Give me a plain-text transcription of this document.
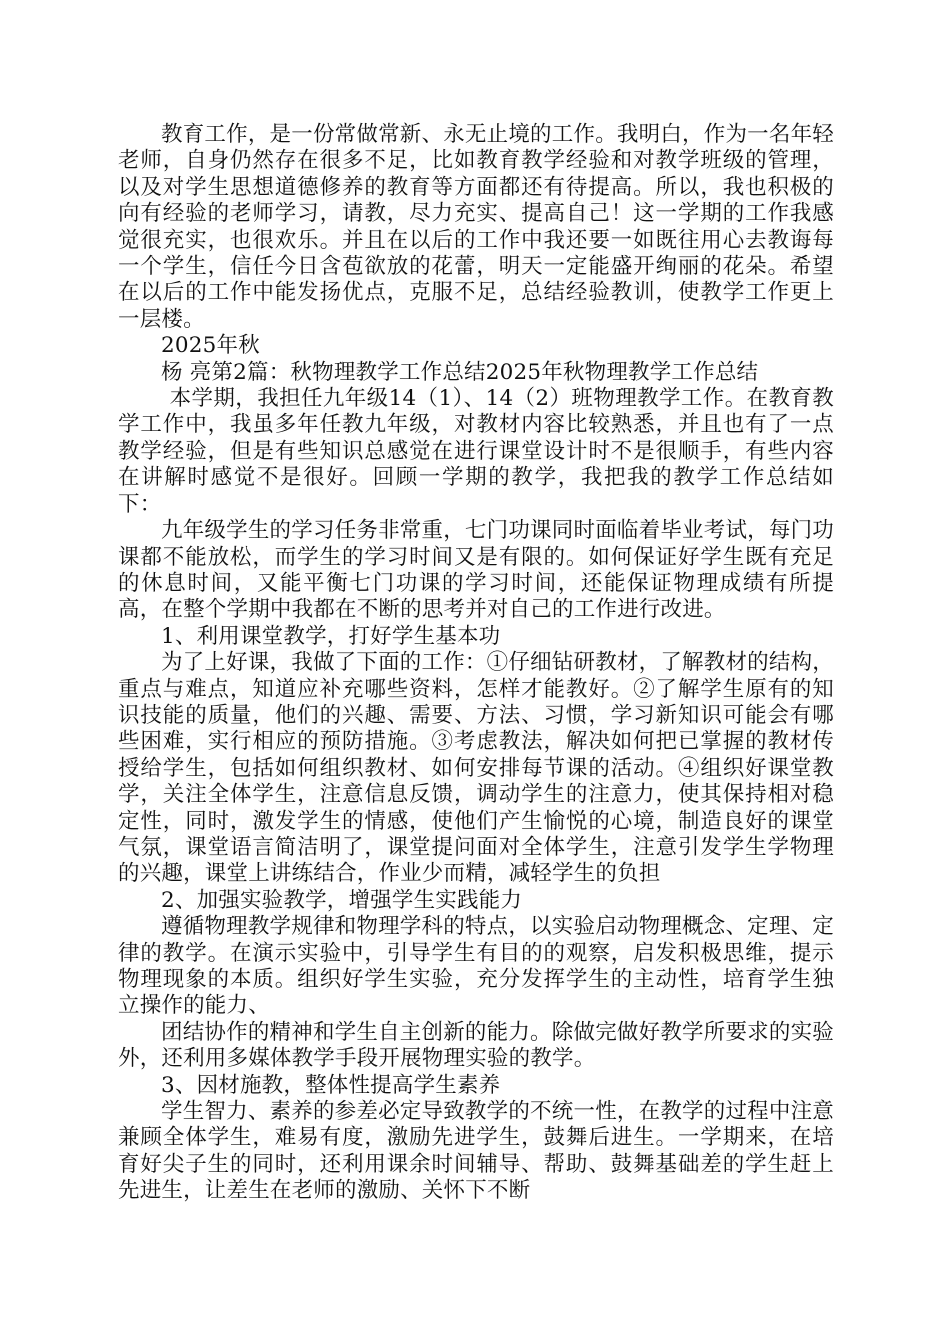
教育工作，是一份常做常新、永无止境的工作。我明白，作为一名年轻老师，自身仍然存在很多不足，比如教育教学经验和对教学班级的管理，以及对学生思想道德修养的教育等方面都还有待提高。所以，我也积极的向有经验的老师学习，请教，尽力充实、提高自己！这一学期的工作我感觉很充实，也很欢乐。并且在以后的工作中我还要一如既往用心去教诲每一个学生，信任今日含苞欲放的花蕾，明天一定能盛开绚丽的花朵。希望在以后的工作中能发扬优点，克服不足，总结经验教训，使教学工作更上一层楼。

2025年秋

杨 亮第2篇：秋物理教学工作总结2025年秋物理教学工作总结

本学期，我担任九年级14（1）、14（2）班物理教学工作。在教育教学工作中，我虽多年任教九年级，对教材内容比较熟悉，并且也有了一点教学经验，但是有些知识总感觉在进行课堂设计时不是很顺手，有些内容在讲解时感觉不是很好。回顾一学期的教学，我把我的教学工作总结如下：

九年级学生的学习任务非常重，七门功课同时面临着毕业考试，每门功课都不能放松，而学生的学习时间又是有限的。如何保证好学生既有充足的休息时间，又能平衡七门功课的学习时间，还能保证物理成绩有所提高，在整个学期中我都在不断的思考并对自己的工作进行改进。

1、利用课堂教学，打好学生基本功

为了上好课，我做了下面的工作：①仔细钻研教材，了解教材的结构，重点与难点，知道应补充哪些资料，怎样才能教好。②了解学生原有的知识技能的质量，他们的兴趣、需要、方法、习惯，学习新知识可能会有哪些困难，实行相应的预防措施。③考虑教法，解决如何把已掌握的教材传授给学生，包括如何组织教材、如何安排每节课的活动。④组织好课堂教学，关注全体学生，注意信息反馈，调动学生的注意力，使其保持相对稳定性，同时，激发学生的情感，使他们产生愉悦的心境，制造良好的课堂气氛，课堂语言简洁明了，课堂提问面对全体学生，注意引发学生学物理的兴趣，课堂上讲练结合，作业少而精，减轻学生的负担

2、加强实验教学，增强学生实践能力

遵循物理教学规律和物理学科的特点，以实验启动物理概念、定理、定律的教学。在演示实验中，引导学生有目的的观察，启发积极思维，提示物理现象的本质。组织好学生实验，充分发挥学生的主动性，培育学生独立操作的能力、

团结协作的精神和学生自主创新的能力。除做完做好教学所要求的实验外，还利用多媒体教学手段开展物理实验的教学。

3、因材施教，整体性提高学生素养

学生智力、素养的参差必定导致教学的不统一性，在教学的过程中注意兼顾全体学生，难易有度，激励先进学生，鼓舞后进生。一学期来，在培育好尖子生的同时，还利用课余时间辅导、帮助、鼓舞基础差的学生赶上先进生，让差生在老师的激励、关怀下不断
